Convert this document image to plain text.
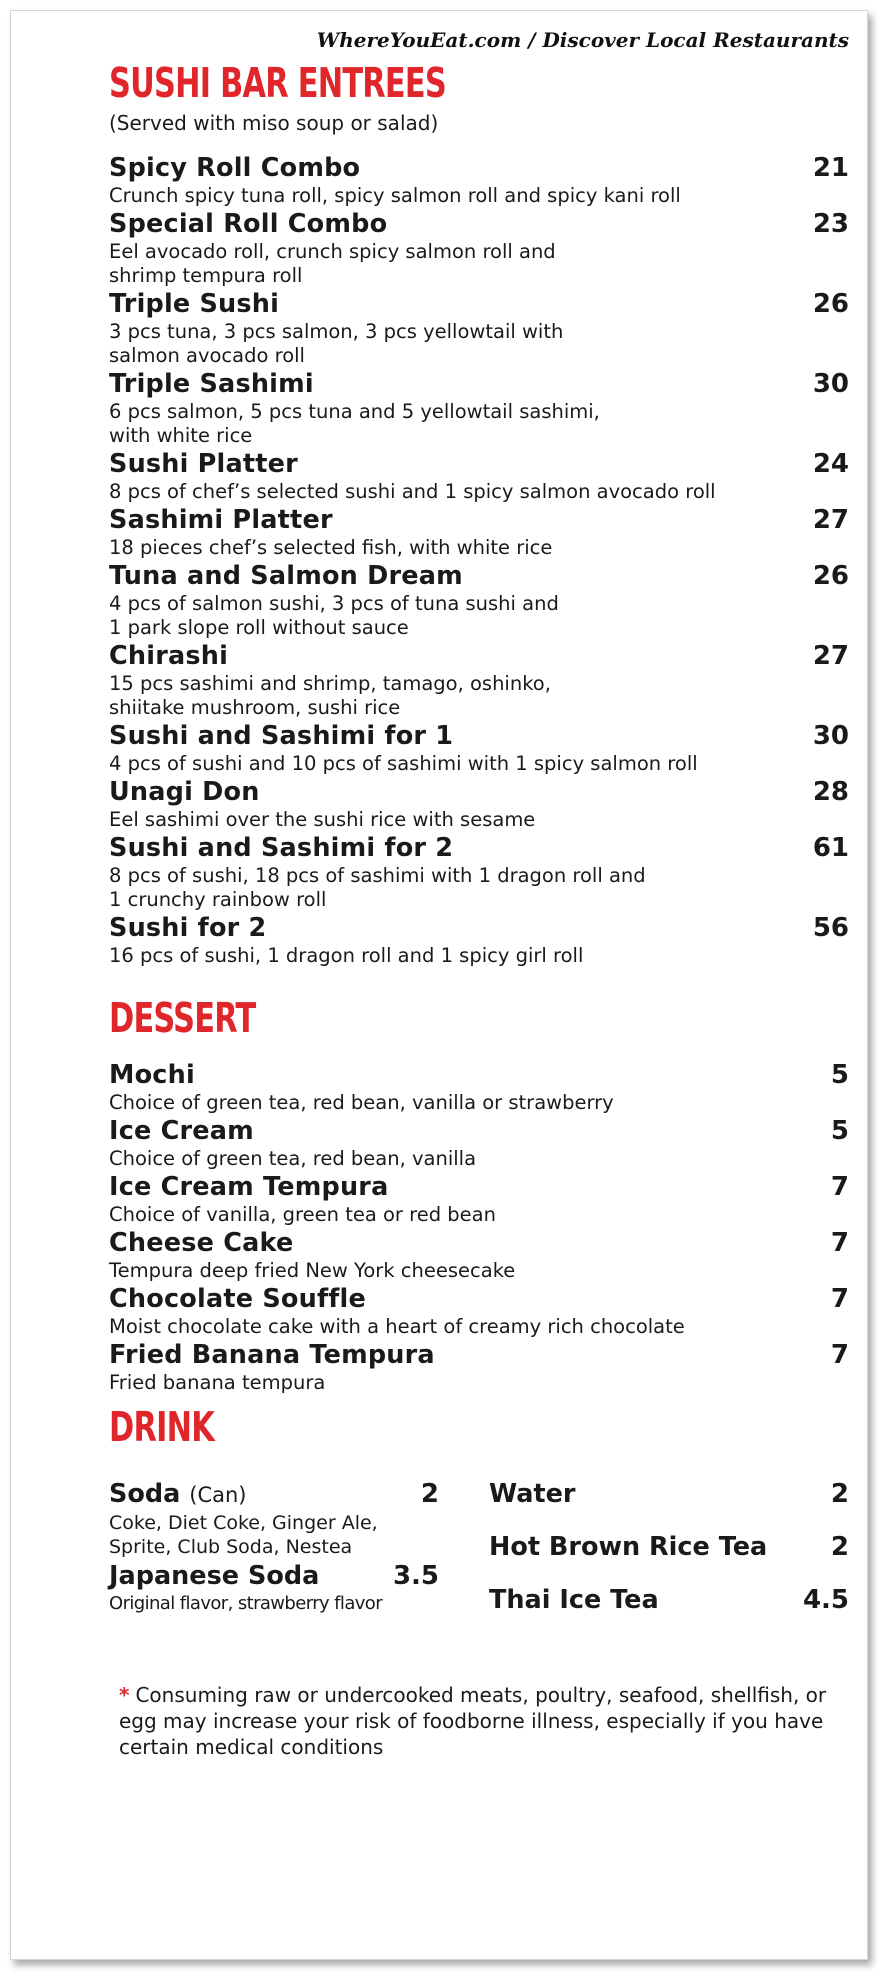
WhereYouEat.com / Discover Local Restaurants
SUSHI BAR ENTREES
(Served with miso soup or salad)
Spicy Roll Combo	21
Crunch spicy tuna roll, spicy salmon roll and spicy kani roll
Special Roll Combo	23
Eel avocado roll, crunch spicy salmon roll and
shrimp tempura roll
Triple Sushi	26
3 pcs tuna, 3 pcs salmon, 3 pcs yellowtail with
salmon avocado roll
Triple Sashimi	30
6 pcs salmon, 5 pcs tuna and 5 yellowtail sashimi,
with white rice
Sushi Platter	24
8 pcs of chef’s selected sushi and 1 spicy salmon avocado roll
Sashimi Platter	27
18 pieces chef’s selected fish, with white rice
Tuna and Salmon Dream	26
4 pcs of salmon sushi, 3 pcs of tuna sushi and
1 park slope roll without sauce
Chirashi	27
15 pcs sashimi and shrimp, tamago, oshinko,
shiitake mushroom, sushi rice
Sushi and Sashimi for 1	30
4 pcs of sushi and 10 pcs of sashimi with 1 spicy salmon roll
Unagi Don	28
Eel sashimi over the sushi rice with sesame
Sushi and Sashimi for 2	61
8 pcs of sushi, 18 pcs of sashimi with 1 dragon roll and
1 crunchy rainbow roll
Sushi for 2	56
16 pcs of sushi, 1 dragon roll and 1 spicy girl roll
DESSERT
Mochi	5
Choice of green tea, red bean, vanilla or strawberry
Ice Cream	5
Choice of green tea, red bean, vanilla
Ice Cream Tempura	7
Choice of vanilla, green tea or red bean
Cheese Cake	7
Tempura deep fried New York cheesecake
Chocolate Souffle	7
Moist chocolate cake with a heart of creamy rich chocolate
Fried Banana Tempura	7
Fried banana tempura
DRINK
Soda (Can)	2
Coke, Diet Coke, Ginger Ale,
Sprite, Club Soda, Nestea
Japanese Soda	3.5
Original flavor, strawberry flavor
Water	2
Hot Brown Rice Tea 2
Thai Ice Tea	4.5
* Consuming raw or undercooked meats, poultry, seafood, shellfish, or egg may increase your risk of foodborne illness, especially if you have certain medical conditions
